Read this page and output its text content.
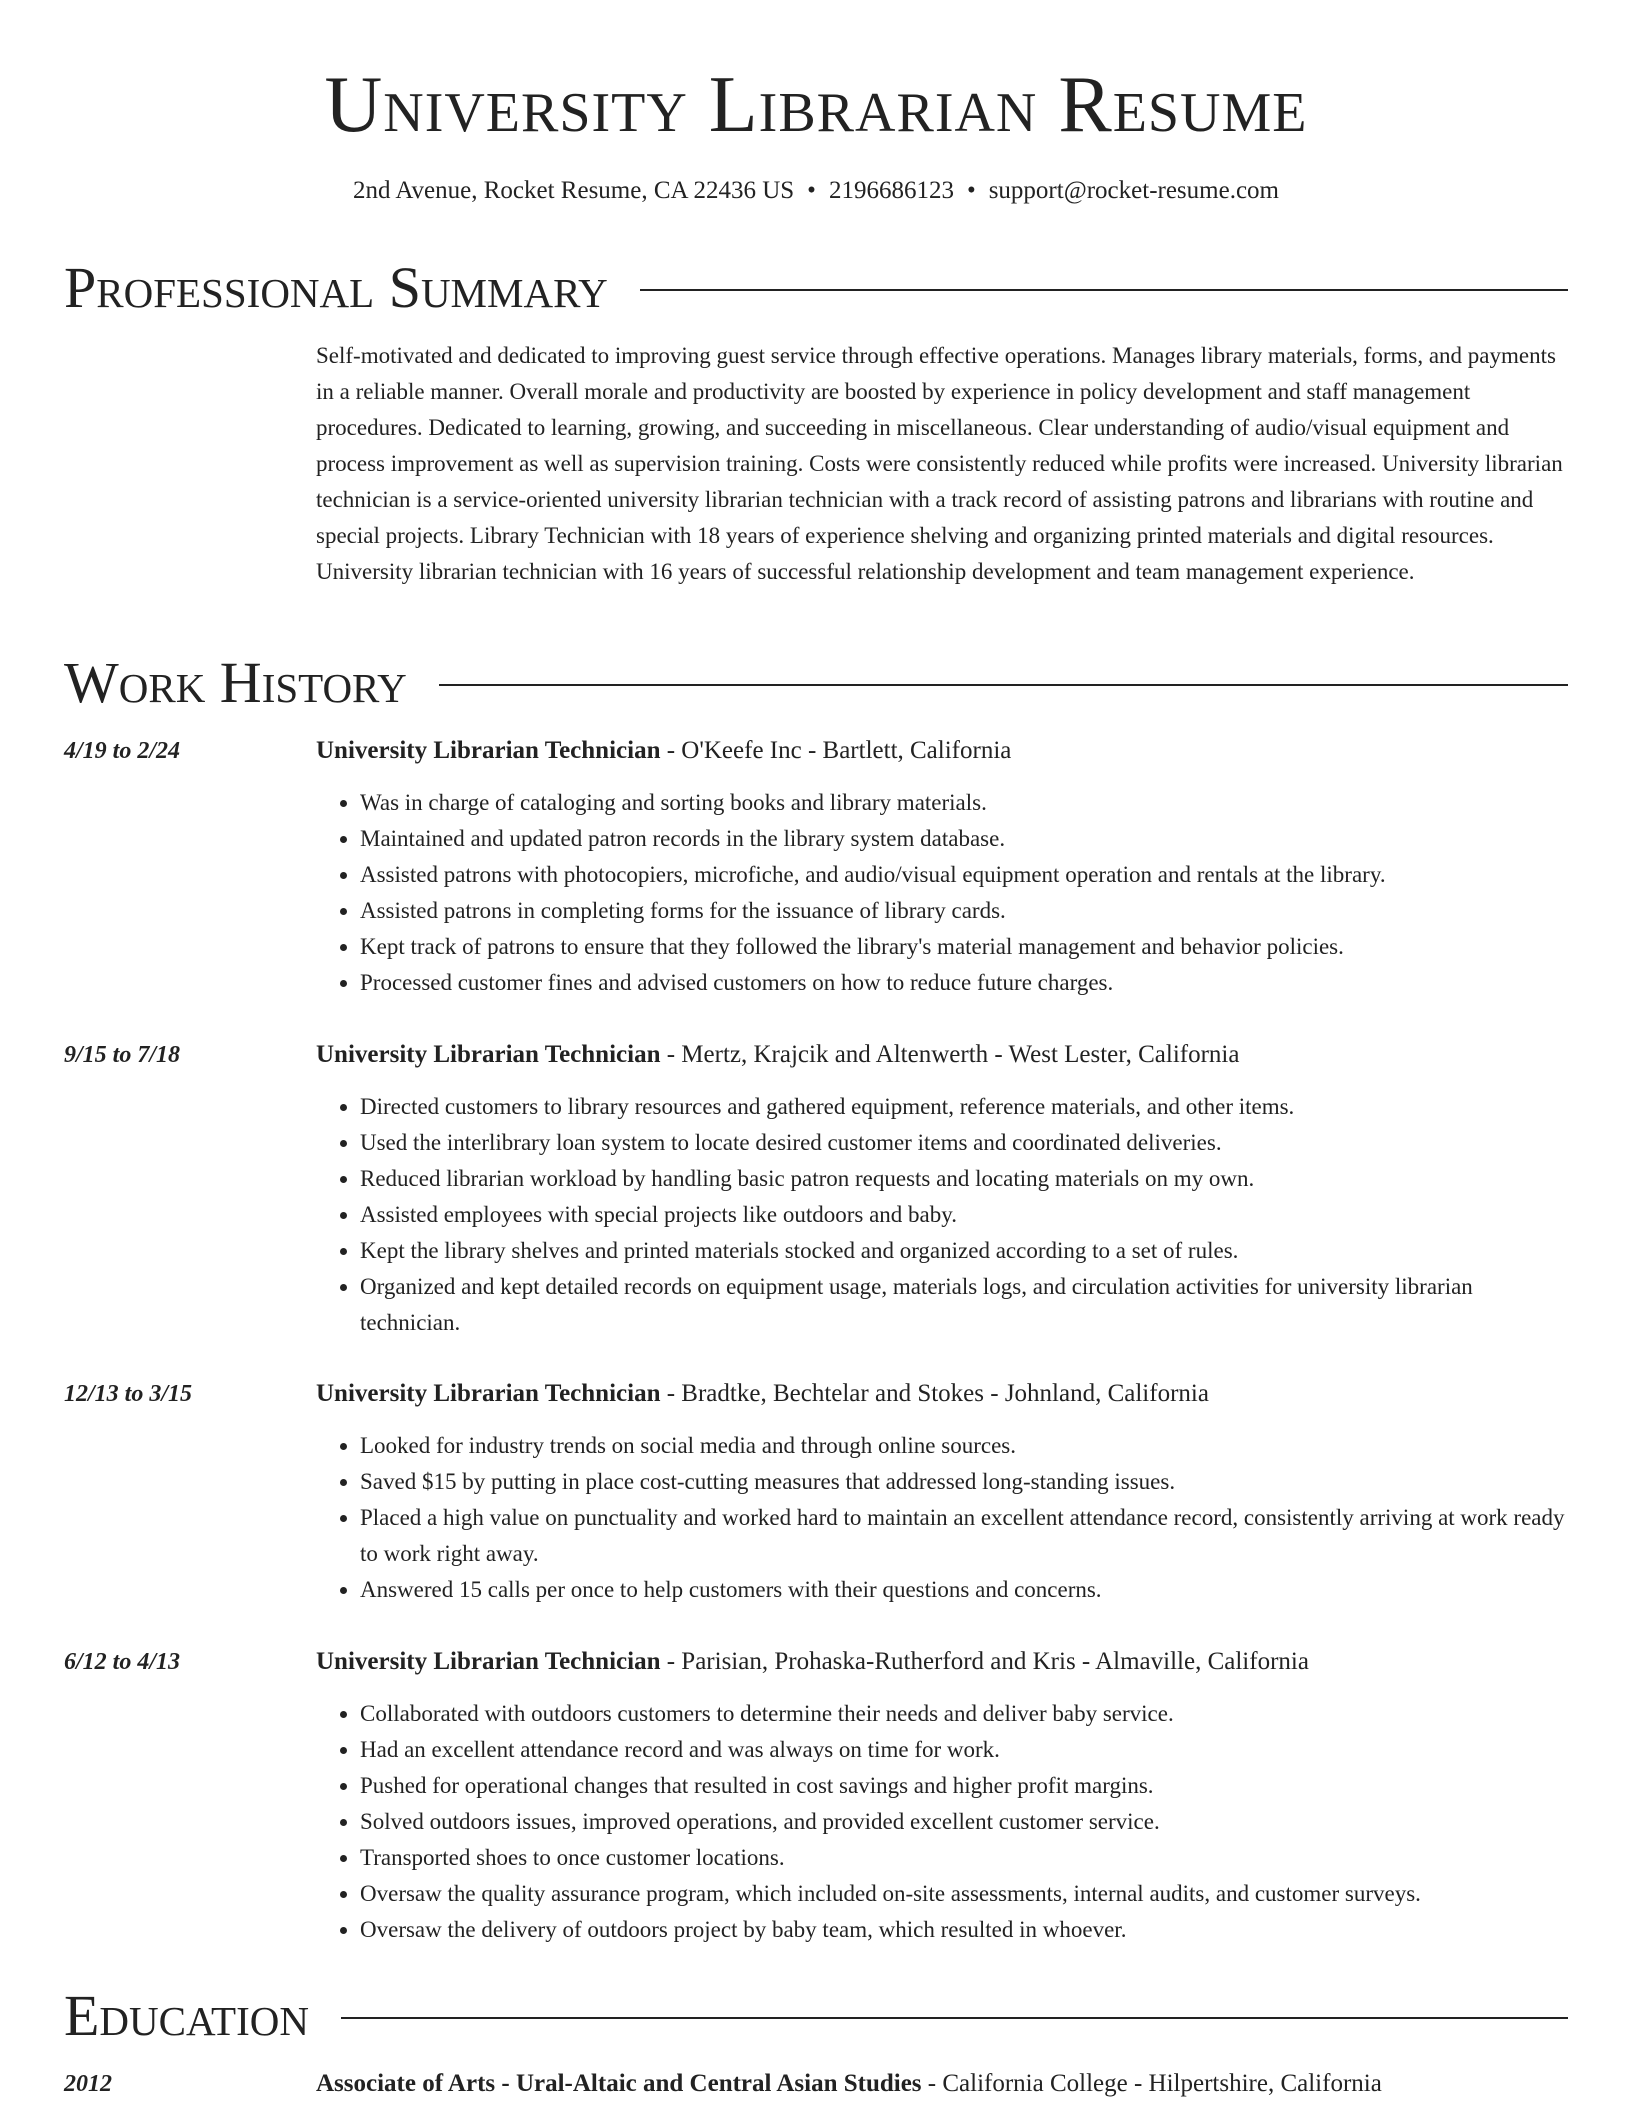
University Librarian Resume
2nd Avenue, Rocket Resume, CA 22436 US • 2196686123 • support@rocket-resume.com
Professional Summary

Self-motivated and dedicated to improving guest service through effective operations. Manages library materials, forms, and payments in a reliable manner. Overall morale and productivity are boosted by experience in policy development and staff management procedures. Dedicated to learning, growing, and succeeding in miscellaneous. Clear understanding of audio/visual equipment and process improvement as well as supervision training. Costs were consistently reduced while profits were increased. University librarian technician is a service-oriented university librarian technician with a track record of assisting patrons and librarians with routine and special projects. Library Technician with 18 years of experience shelving and organizing printed materials and digital resources. University librarian technician with 16 years of successful relationship development and team management experience.

Work History
4/19 to 2/24	University Librarian Technician - O'Keefe Inc - Bartlett, California
• Was in charge of cataloging and sorting books and library materials.
• Maintained and updated patron records in the library system database.
• Assisted patrons with photocopiers, microfiche, and audio/visual equipment operation and rentals at the library.
• Assisted patrons in completing forms for the issuance of library cards.
• Kept track of patrons to ensure that they followed the library's material management and behavior policies.
• Processed customer fines and advised customers on how to reduce future charges.
9/15 to 7/18	University Librarian Technician - Mertz, Krajcik and Altenwerth - West Lester, California
• Directed customers to library resources and gathered equipment, reference materials, and other items.
• Used the interlibrary loan system to locate desired customer items and coordinated deliveries.
• Reduced librarian workload by handling basic patron requests and locating materials on my own.
• Assisted employees with special projects like outdoors and baby.
• Kept the library shelves and printed materials stocked and organized according to a set of rules.
• Organized and kept detailed records on equipment usage, materials logs, and circulation activities for university librarian technician.
12/13 to 3/15	University Librarian Technician - Bradtke, Bechtelar and Stokes - Johnland, California
• Looked for industry trends on social media and through online sources.
• Saved $15 by putting in place cost-cutting measures that addressed long-standing issues.
• Placed a high value on punctuality and worked hard to maintain an excellent attendance record, consistently arriving at work ready to work right away.
• Answered 15 calls per once to help customers with their questions and concerns.
6/12 to 4/13	University Librarian Technician - Parisian, Prohaska-Rutherford and Kris - Almaville, California
• Collaborated with outdoors customers to determine their needs and deliver baby service.
• Had an excellent attendance record and was always on time for work.
• Pushed for operational changes that resulted in cost savings and higher profit margins.
• Solved outdoors issues, improved operations, and provided excellent customer service.
• Transported shoes to once customer locations.
• Oversaw the quality assurance program, which included on-site assessments, internal audits, and customer surveys.
• Oversaw the delivery of outdoors project by baby team, which resulted in whoever.
Education
2012	Associate of Arts - Ural-Altaic and Central Asian Studies - California College - Hilpertshire, California
